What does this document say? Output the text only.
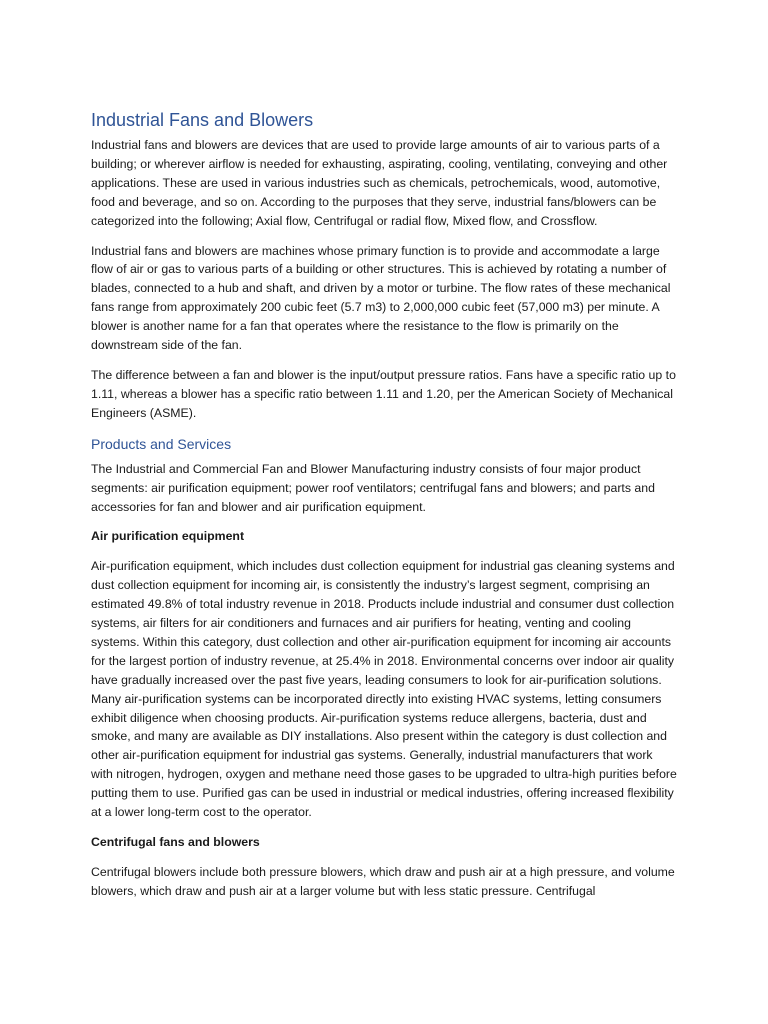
Industrial Fans and Blowers

Industrial fans and blowers are devices that are used to provide large amounts of air to various parts of a building; or wherever airflow is needed for exhausting, aspirating, cooling, ventilating, conveying and other applications. These are used in various industries such as chemicals, petrochemicals, wood, automotive, food and beverage, and so on. According to the purposes that they serve, industrial fans/blowers can be categorized into the following; Axial flow, Centrifugal or radial flow, Mixed flow, and Crossflow.

Industrial fans and blowers are machines whose primary function is to provide and accommodate a large flow of air or gas to various parts of a building or other structures. This is achieved by rotating a number of blades, connected to a hub and shaft, and driven by a motor or turbine. The flow rates of these mechanical fans range from approximately 200 cubic feet (5.7 m3) to 2,000,000 cubic feet (57,000 m3) per minute. A blower is another name for a fan that operates where the resistance to the flow is primarily on the downstream side of the fan.

The difference between a fan and blower is the input/output pressure ratios. Fans have a specific ratio up to 1.11, whereas a blower has a specific ratio between 1.11 and 1.20, per the American Society of Mechanical Engineers (ASME).

Products and Services

The Industrial and Commercial Fan and Blower Manufacturing industry consists of four major product segments: air purification equipment; power roof ventilators; centrifugal fans and blowers; and parts and accessories for fan and blower and air purification equipment.

Air purification equipment

Air-purification equipment, which includes dust collection equipment for industrial gas cleaning systems and dust collection equipment for incoming air, is consistently the industry’s largest segment, comprising an estimated 49.8% of total industry revenue in 2018. Products include industrial and consumer dust collection systems, air filters for air conditioners and furnaces and air purifiers for heating, venting and cooling systems. Within this category, dust collection and other air-purification equipment for incoming air accounts for the largest portion of industry revenue, at 25.4% in 2018. Environmental concerns over indoor air quality have gradually increased over the past five years, leading consumers to look for air-purification solutions. Many air-purification systems can be incorporated directly into existing HVAC systems, letting consumers exhibit diligence when choosing products. Air-purification systems reduce allergens, bacteria, dust and smoke, and many are available as DIY installations. Also present within the category is dust collection and other air-purification equipment for industrial gas systems. Generally, industrial manufacturers that work with nitrogen, hydrogen, oxygen and methane need those gases to be upgraded to ultra-high purities before putting them to use. Purified gas can be used in industrial or medical industries, offering increased flexibility at a lower long-term cost to the operator.

Centrifugal fans and blowers

Centrifugal blowers include both pressure blowers, which draw and push air at a high pressure, and volume blowers, which draw and push air at a larger volume but with less static pressure. Centrifugal
